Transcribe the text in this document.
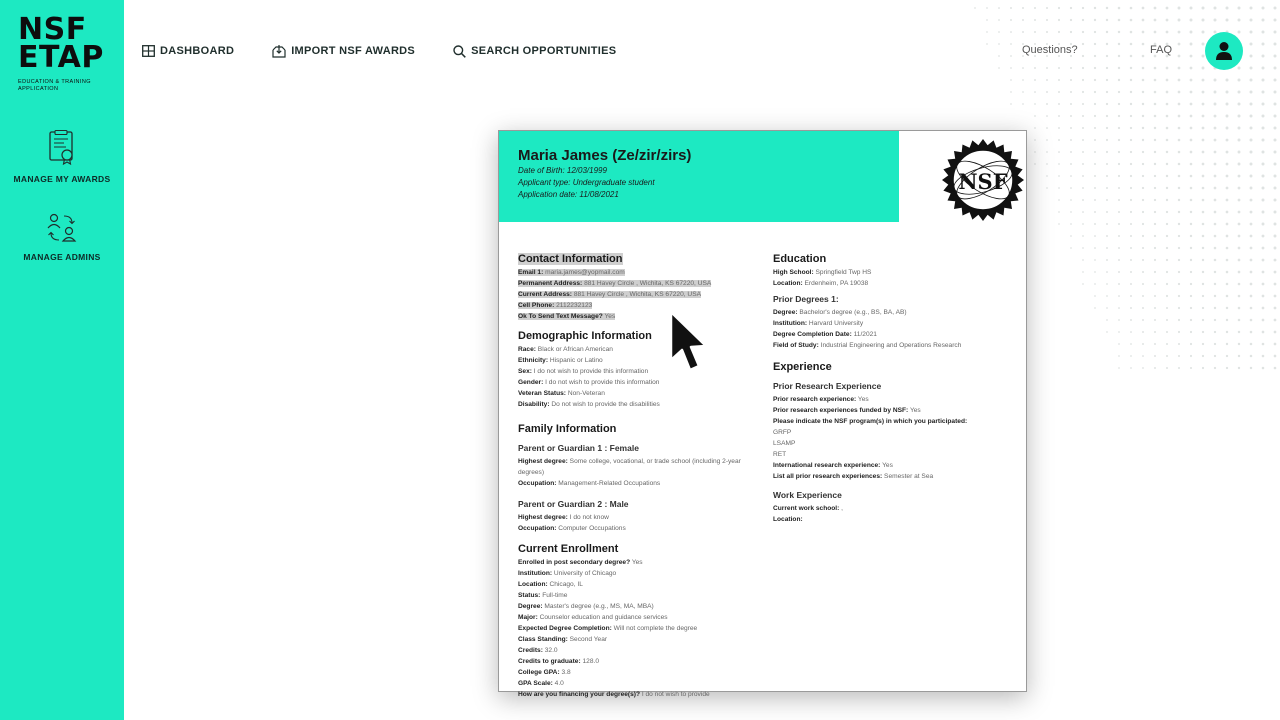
NSF
ETAP
EDUCATION & TRAINING APPLICATION
MANAGE MY AWARDS
MANAGE ADMINS
DASHBOARD	IMPORT NSF AWARDS	SEARCH OPPORTUNITIES	Questions?	FAQ
Maria James (Ze/zir/zirs)
Date of Birth: 12/03/1999
Applicant type: Undergraduate student
Application date: 11/08/2021
NSF
Contact Information
Email 1: maria.james@yopmail.com
Permanent Address: 881 Havey Circle , Wichita, KS 67220, USA
Current Address: 881 Havey Circle , Wichita, KS 67220, USA
Cell Phone: 2112232123
Ok To Send Text Message? Yes
Demographic Information
Race: Black or African American
Ethnicity: Hispanic or Latino
Sex: I do not wish to provide this information
Gender: I do not wish to provide this information
Veteran Status: Non-Veteran
Disability: Do not wish to provide the disabilities
Family Information
Parent or Guardian 1 : Female
Highest degree: Some college, vocational, or trade school (including 2-year degrees)
Occupation: Management-Related Occupations
Parent or Guardian 2 : Male
Highest degree: I do not know
Occupation: Computer Occupations
Current Enrollment
Enrolled in post secondary degree? Yes
Institution: University of Chicago
Location: Chicago, IL
Status: Full-time
Degree: Master's degree (e.g., MS, MA, MBA)
Major: Counselor education and guidance services
Expected Degree Completion: Will not complete the degree
Class Standing: Second Year
Credits: 32.0
Credits to graduate: 128.0
College GPA: 3.8
GPA Scale: 4.0
How are you financing your degree(s)? I do not wish to provide
Education
High School: Springfield Twp HS
Location: Erdenheim, PA 19038
Prior Degrees 1:
Degree: Bachelor's degree (e.g., BS, BA, AB)
Institution: Harvard University
Degree Completion Date: 11/2021
Field of Study: Industrial Engineering and Operations Research
Experience
Prior Research Experience
Prior research experience: Yes
Prior research experiences funded by NSF: Yes
Please indicate the NSF program(s) in which you participated:
GRFP
LSAMP
RET
International research experience: Yes
List all prior research experiences: Semester at Sea
Work Experience
Current work school: ,
Location:
